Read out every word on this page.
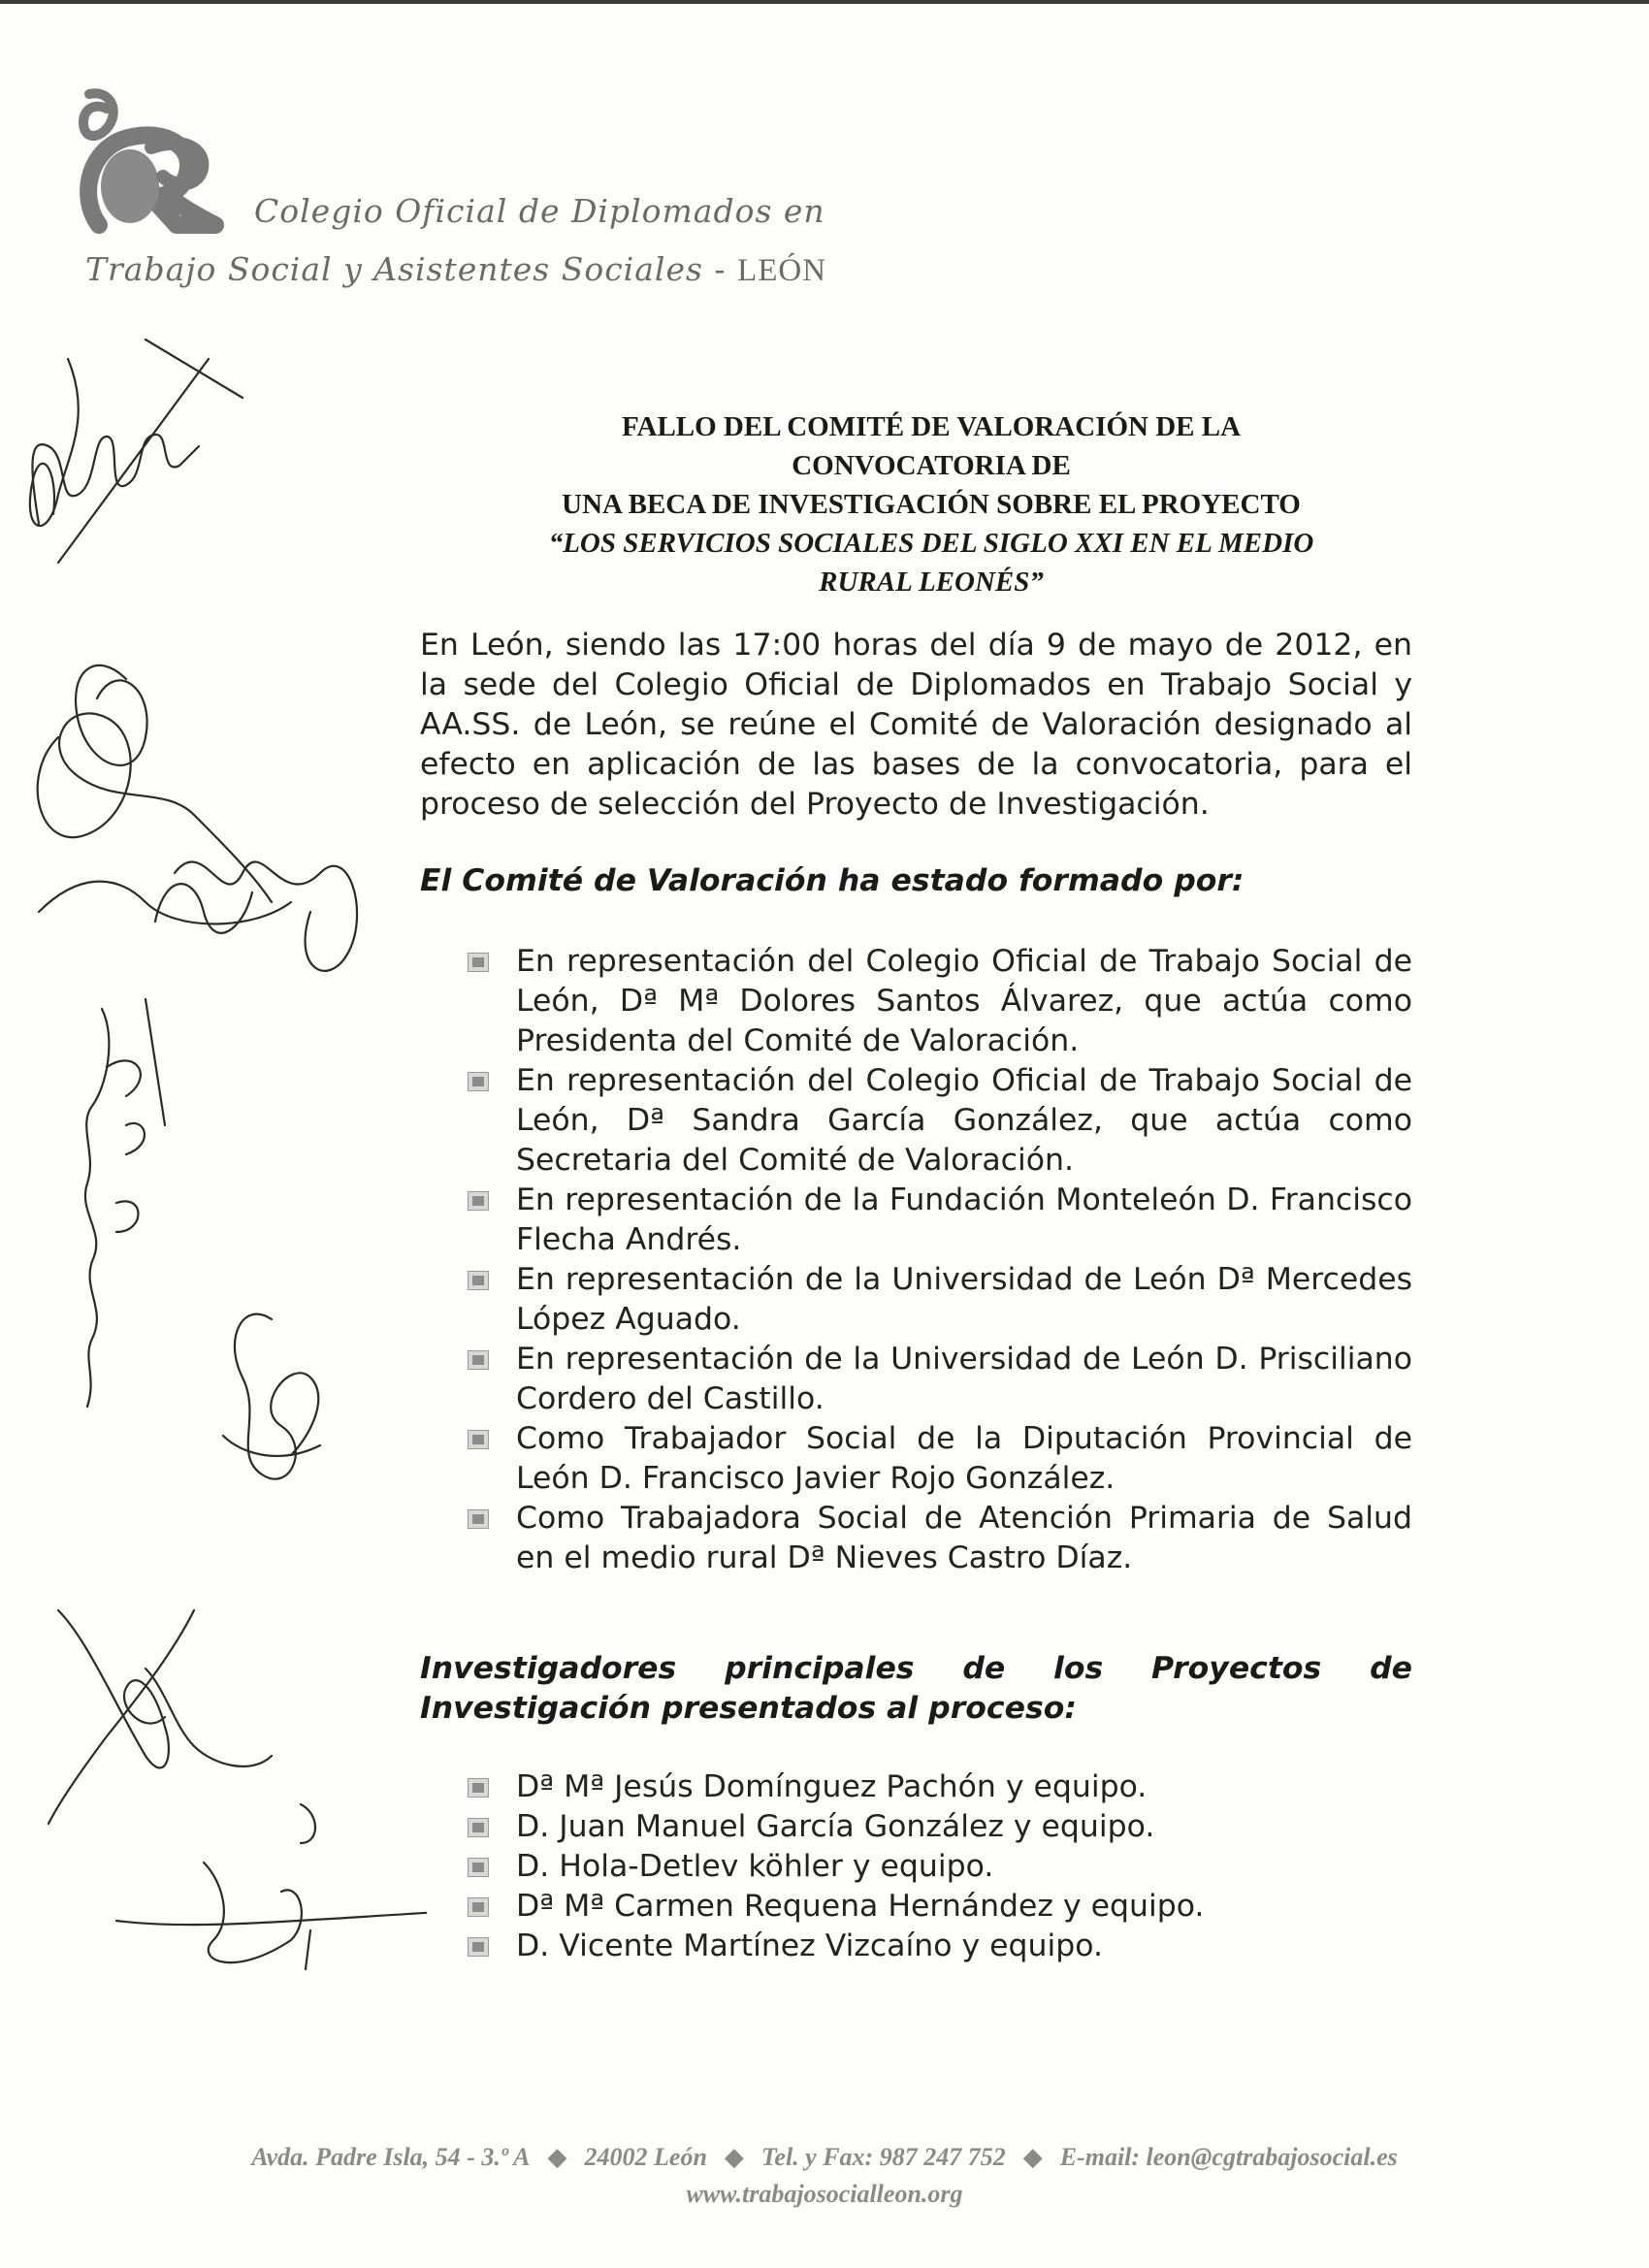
Colegio Oficial de Diplomados en
Trabajo Social y Asistentes Sociales - LEÓN
FALLO DEL COMITÉ DE VALORACIÓN DE LA
CONVOCATORIA DE
UNA BECA DE INVESTIGACIÓN SOBRE EL PROYECTO
“LOS SERVICIOS SOCIALES DEL SIGLO XXI EN EL MEDIO
RURAL LEONÉS”
En León, siendo las 17:00 horas del día 9 de mayo de 2012, en la sede del Colegio Oficial de Diplomados en Trabajo Social y AA.SS. de León, se reúne el Comité de Valoración designado al efecto en aplicación de las bases de la convocatoria, para el proceso de selección del Proyecto de Investigación.
El Comité de Valoración ha estado formado por:
En representación del Colegio Oficial de Trabajo Social de León, Dª Mª Dolores Santos Álvarez, que actúa como Presidenta del Comité de Valoración.
En representación del Colegio Oficial de Trabajo Social de León, Dª Sandra García González, que actúa como Secretaria del Comité de Valoración.
En representación de la Fundación Monteleón D. Francisco Flecha Andrés.
En representación de la Universidad de León Dª Mercedes López Aguado.
En representación de la Universidad de León D. Prisciliano Cordero del Castillo.
Como Trabajador Social de la Diputación Provincial de León D. Francisco Javier Rojo González.
Como Trabajadora Social de Atención Primaria de Salud en el medio rural Dª Nieves Castro Díaz.
Investigadores principales de los Proyectos de Investigación presentados al proceso:
Dª Mª Jesús Domínguez Pachón y equipo.
D. Juan Manuel García González y equipo.
D. Hola-Detlev köhler y equipo.
Dª Mª Carmen Requena Hernández y equipo.
D. Vicente Martínez Vizcaíno y equipo.
Avda. Padre Isla, 54 - 3.º A ◆ 24002 León ◆ Tel. y Fax: 987 247 752 ◆ E-mail: leon@cgtrabajosocial.es
www.trabajosocialleon.org
